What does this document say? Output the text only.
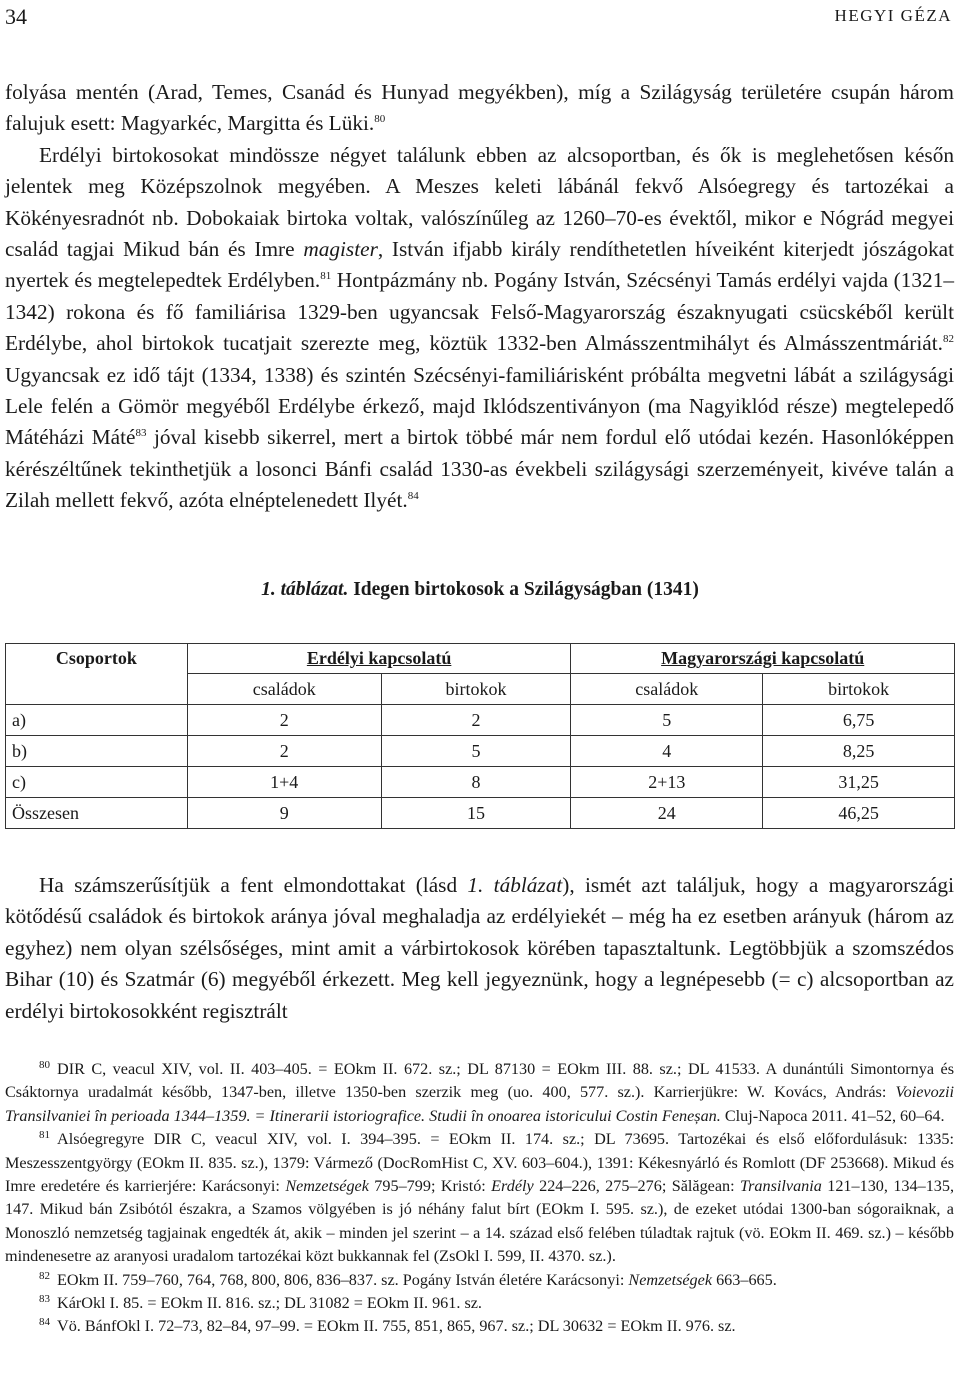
34	HEGYI GÉZA

folyása mentén (Arad, Temes, Csanád és Hunyad megyékben), míg a Szilágyság területére csupán három falujuk esett: Magyarkéc, Margitta és Lüki.$^{80}$

Erdélyi birtokosokat mindössze négyet találunk ebben az alcsoportban, és ők is meglehetősen későn jelentek meg Középszolnok megyében. A Meszes keleti lábánál fekvő Alsóegregy és tartozékai a Kökényesradnót nb. Dobokaiak birtoka voltak, valószínűleg az 1260–70-es évektől, mikor e Nógrád megyei család tagjai Mikud bán és Imre magister, István ifjabb király rendíthetetlen híveiként kiterjedt jószágokat nyertek és megtelepedtek Erdélyben.$^{81}$ Hontpázmány nb. Pogány István, Szécsényi Tamás erdélyi vajda (1321–1342) rokona és fő familiárisa 1329-ben ugyancsak Felső-Magyarország északnyugati csücskéből került Erdélybe, ahol birtokok tucatjait szerezte meg, köztük 1332-ben Almásszentmihályt és Almásszentmáriát.$^{82}$ Ugyancsak ez idő tájt (1334, 1338) és szintén Szécsényi-familiárisként próbálta megvetni lábát a szilágysági Lele felén a Gömör megyéből Erdélybe érkező, majd Iklódszentiványon (ma Nagyiklód része) megtelepedő Mátéházi Máté$^{83}$ jóval kisebb sikerrel, mert a birtok többé már nem fordul elő utódai kezén. Hasonlóképpen kérészéltűnek tekinthetjük a losonci Bánfi család 1330-as évekbeli szilágysági szerzeményeit, kivéve talán a Zilah mellett fekvő, azóta elnéptelenedett Ilyét.$^{84}$

1. táblázat. Idegen birtokosok a Szilágyságban (1341)
Csoportok	Erdélyi kapcsolatú		Magyarországi kapcsolatú	
	családok	birtokok	családok	birtokok
a)	2	2	5	6,75
b)	2	5	4	8,25
c)	1+4	8	2+13	31,25
Összesen	9	15	24	46,25

Ha számszerűsítjük a fent elmondottakat (lásd 1. táblázat), ismét azt találjuk, hogy a magyarországi kötődésű családok és birtokok aránya jóval meghaladja az erdélyiekét – még ha ez esetben arányuk (három az egyhez) nem olyan szélsőséges, mint amit a várbirtokosok körében tapasztaltunk. Legtöbbjük a szomszédos Bihar (10) és Szatmár (6) megyéből érkezett. Meg kell jegyeznünk, hogy a legnépesebb (= c) alcsoportban az erdélyi birtokosokként regisztrált

$^{80}$ DIR C, veacul XIV, vol. II. 403–405. = EOkm II. 672. sz.; DL 87130 = EOkm III. 88. sz.; DL 41533. A dunántúli Simontornya és Csáktornya uradalmát később, 1347-ben, illetve 1350-ben szerzik meg (uo. 400, 577. sz.). Karrierjükre: W. Kovács, András: Voievozii Transilvaniei în perioada 1344–1359. = Itinerarii istoriografice. Studii în onoarea istoricului Costin Feneșan. Cluj-Napoca 2011. 41–52, 60–64.

$^{81}$ Alsóegregyre DIR C, veacul XIV, vol. I. 394–395. = EOkm II. 174. sz.; DL 73695. Tartozékai és első előfordulásuk: 1335: Meszesszentgyörgy (EOkm II. 835. sz.), 1379: Vármező (DocRomHist C, XV. 603–604.), 1391: Kékesnyárló és Romlott (DF 253668). Mikud és Imre eredetére és karrierjére: Karácsonyi: Nemzetségek 795–799; Kristó: Erdély 224–226, 275–276; Sălăgean: Transilvania 121–130, 134–135, 147. Mikud bán Zsibótól északra, a Szamos völgyében is jó néhány falut bírt (EOkm I. 595. sz.), de ezeket utódai 1300-ban sógoraiknak, a Monoszló nemzetség tagjainak engedték át, akik – minden jel szerint – a 14. század első felében túladtak rajtuk (vö. EOkm II. 469. sz.) – később mindenesetre az aranyosi uradalom tartozékai közt bukkannak fel (ZsOkl I. 599, II. 4370. sz.).

$^{82}$ EOkm II. 759–760, 764, 768, 800, 806, 836–837. sz. Pogány István életére Karácsonyi: Nemzetségek 663–665.

$^{83}$ KárOkl I. 85. = EOkm II. 816. sz.; DL 31082 = EOkm II. 961. sz.

$^{84}$ Vö. BánfOkl I. 72–73, 82–84, 97–99. = EOkm II. 755, 851, 865, 967. sz.; DL 30632 = EOkm II. 976. sz.
